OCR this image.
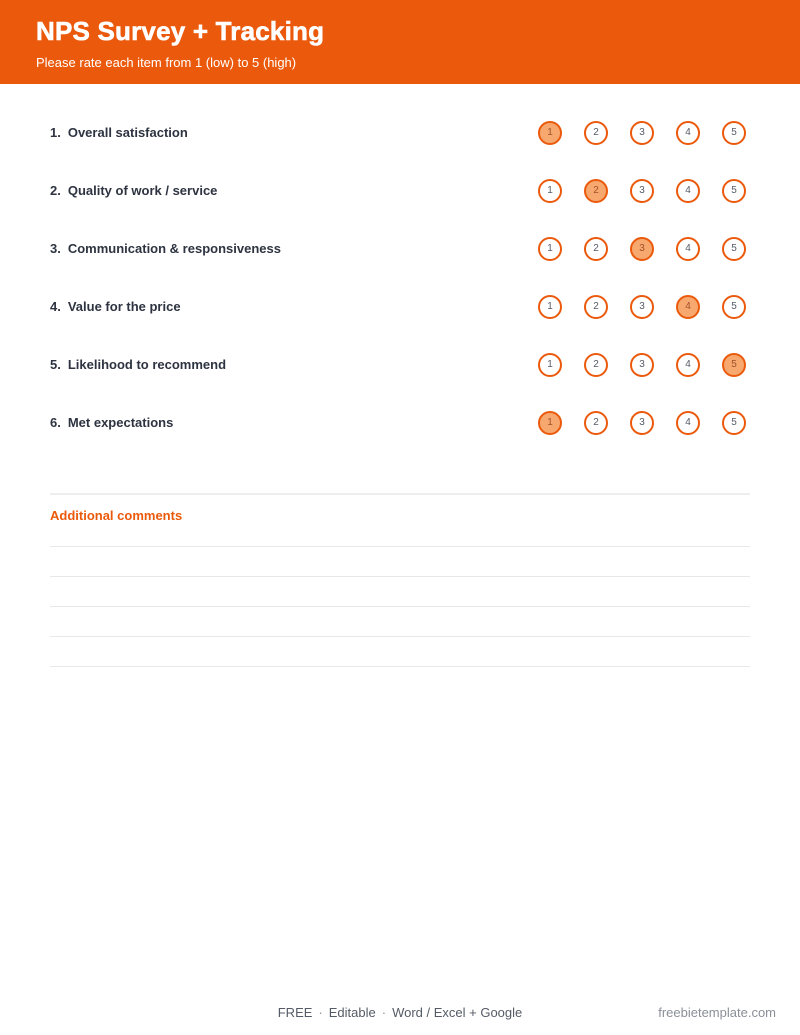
NPS Survey + Tracking
Please rate each item from 1 (low) to 5 (high)
1. Overall satisfaction	1	2	3	4	5
2. Quality of work / service	1	2	3	4	5
3. Communication & responsiveness	1	2	3	4	5
4. Value for the price	1	2	3	4	5
5. Likelihood to recommend	1	2	3	4	5
6. Met expectations	1	2	3	4	5
Additional comments
FREE · Editable · Word / Excel + Google	freebietemplate.com
